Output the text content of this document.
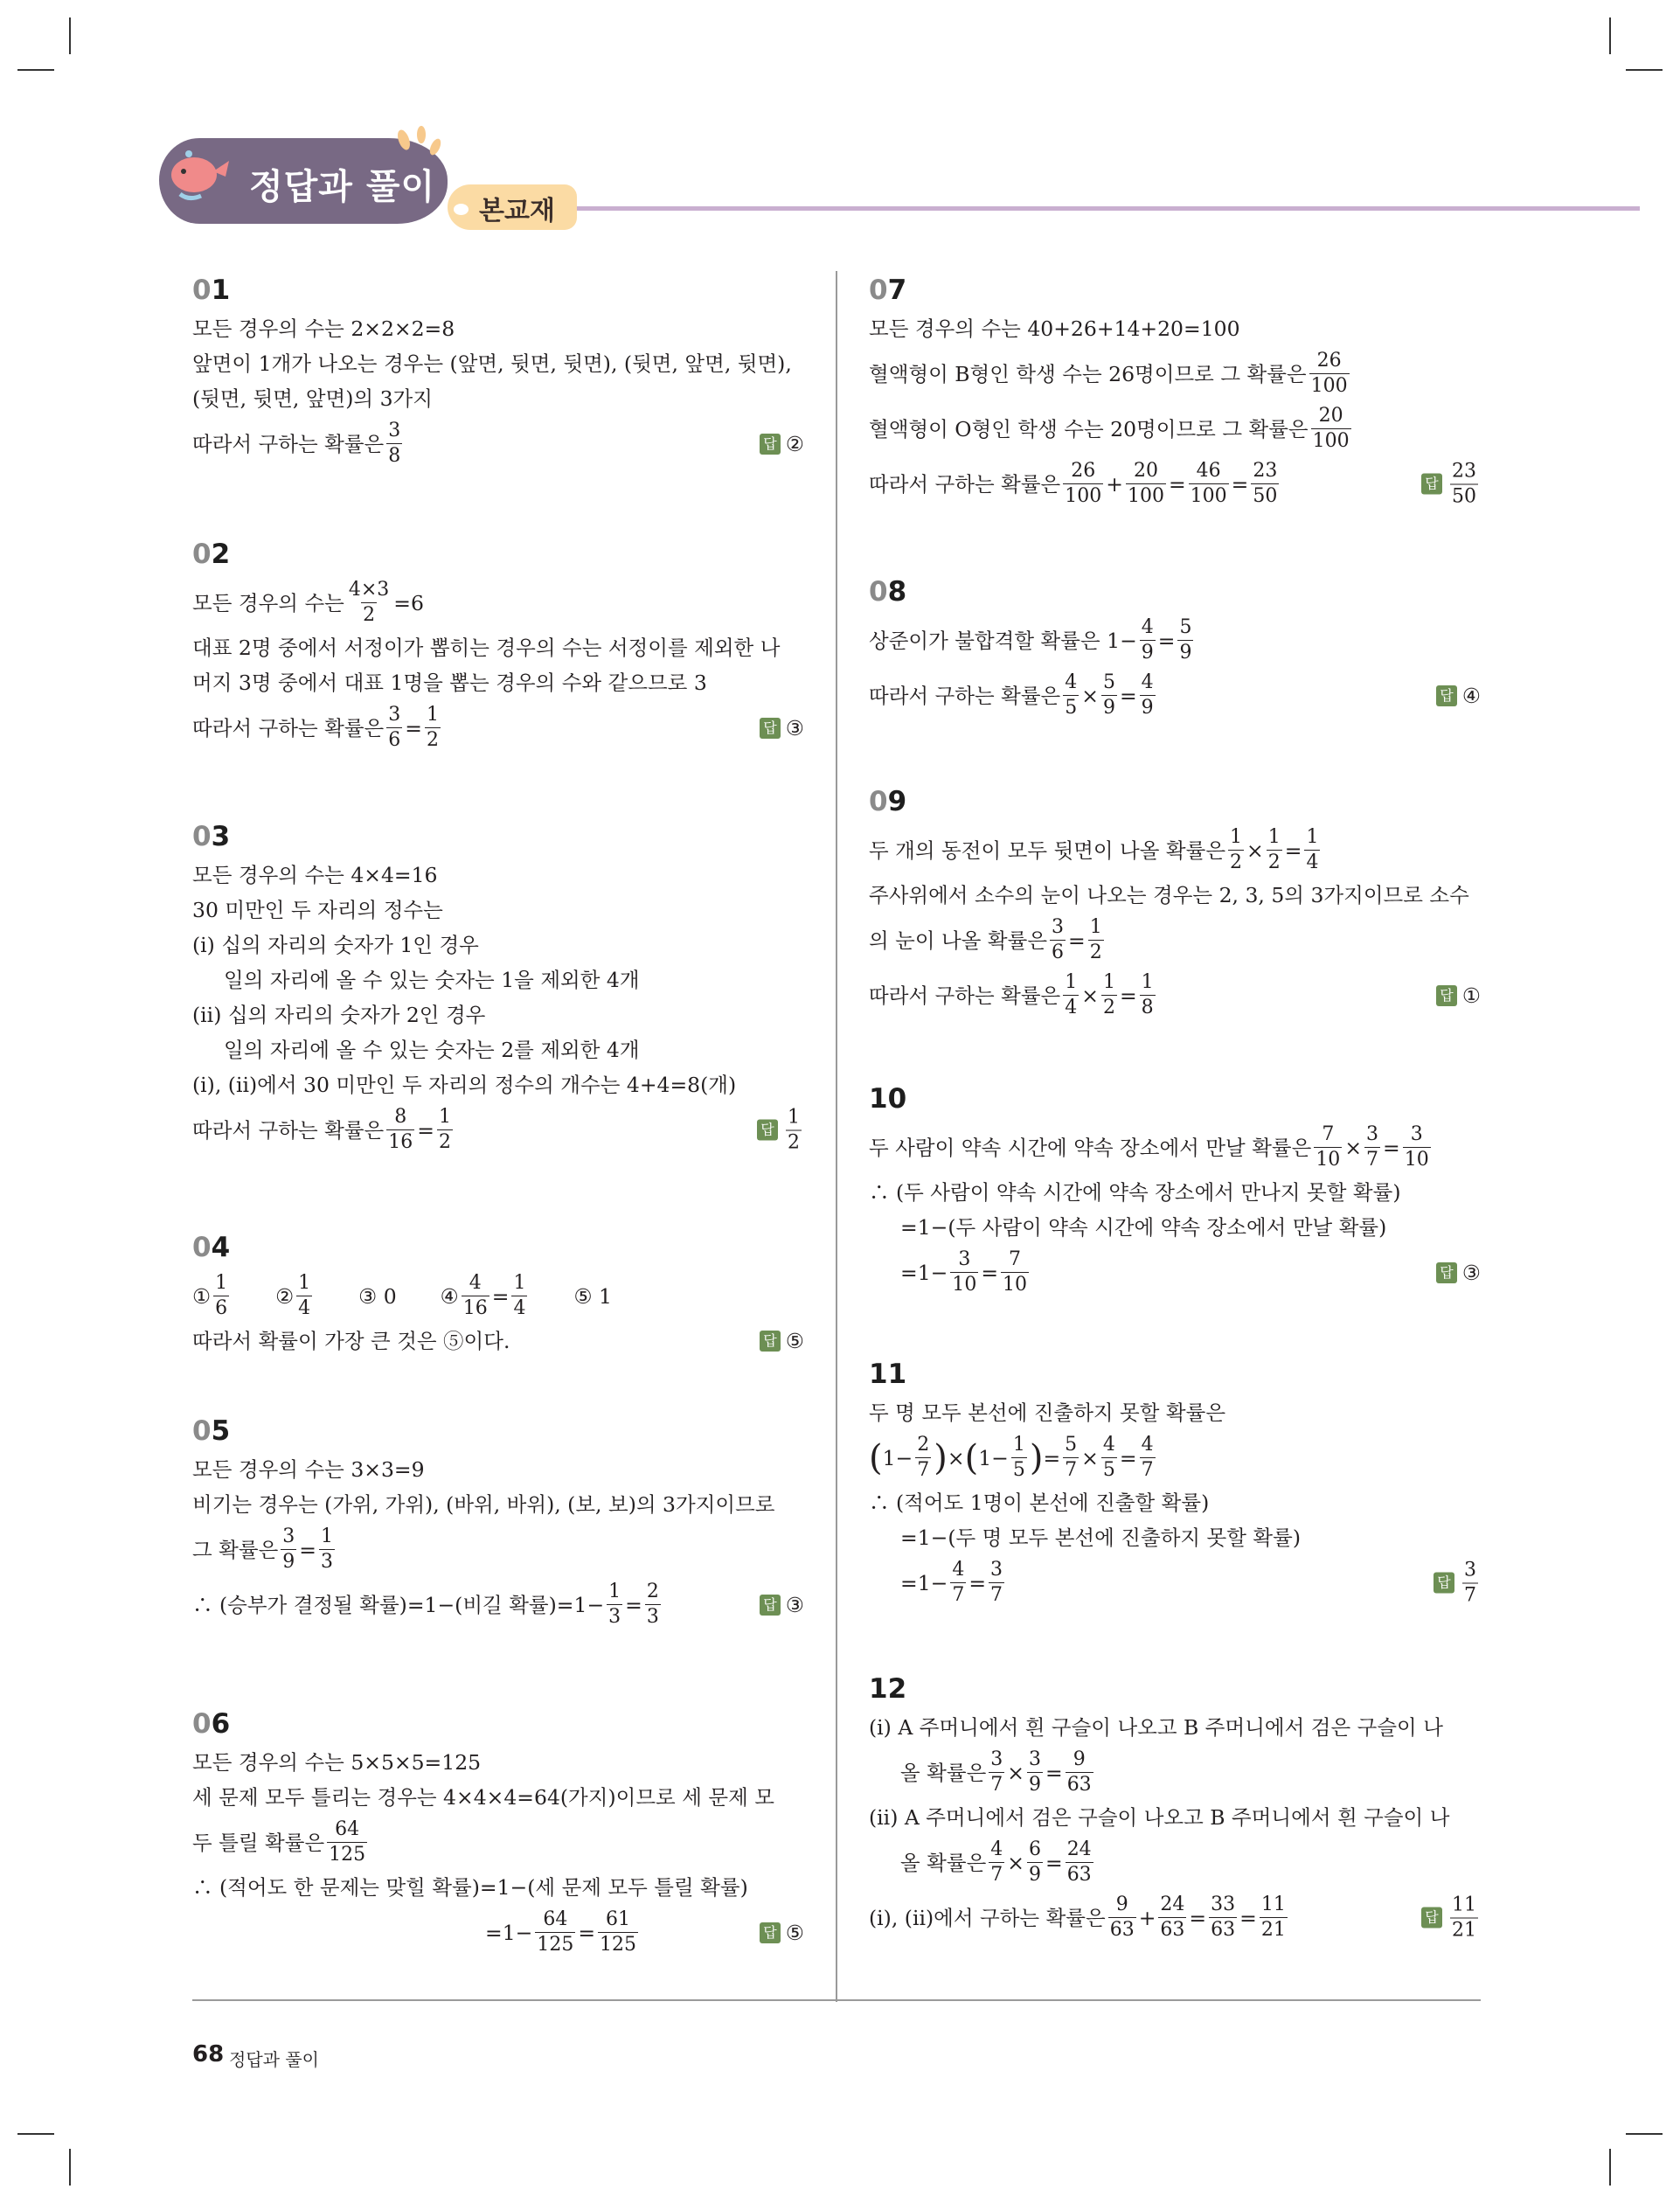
정답과 풀이
본교재
01
모든 경우의 수는 2×2×2=8
앞면이 1개가 나오는 경우는 (앞면, 뒷면, 뒷면), (뒷면, 앞면, 뒷면),
(뒷면, 뒷면, 앞면)의 3가지
따라서 구하는 확률은
3
8
답 ②
02
모든 경우의 수는 $\frac{4\times 3}{2} =6$
대표 2명 중에서 서정이가 뽑히는 경우의 수는 서정이를 제외한 나
머지 3명 중에서 대표 1명을 뽑는 경우의 수와 같으므로 3
따라서 구하는 확률은
3
6 =
1
2
답 ③
03
모든 경우의 수는 4×4=16
30 미만인 두 자리의 정수는
(ⅰ) 십의 자리의 숫자가 1인 경우
일의 자리에 올 수 있는 숫자는 1을 제외한 4개
(ⅱ) 십의 자리의 숫자가 2인 경우
일의 자리에 올 수 있는 숫자는 2를 제외한 4개
(ⅰ), (ⅱ)에서 30 미만인 두 자리의 정수의 개수는 4+4=8(개)
따라서 구하는 확률은
8
16 =
1
2
답
1
2
04
①
1
6 ②
1
4 ③ 0 ④
4
16 =
1
4 ⑤ 1
따라서 확률이 가장 큰 것은 ⑤이다.	답 ⑤
05
모든 경우의 수는 3×3=9
비기는 경우는 (가위, 가위), (바위, 바위), (보, 보)의 3가지이므로
그 확률은
3
9 =
1
3
∴ (승부가 결정될 확률)=1−(비길 확률)$=1- \frac{1}{3}$ =
2
3
답 ③
06
모든 경우의 수는 5×5×5=125
세 문제 모두 틀리는 경우는 4×4×4=64(가지)이므로 세 문제 모
두 틀릴 확률은
64
125
∴ (적어도 한 문제는 맞힐 확률)=1−(세 문제 모두 틀릴 확률)
$=1- \frac{64}{125}$ =
61
125
답 ⑤
07
모든 경우의 수는 40+26+14+20=100
혈액형이 B형인 학생 수는 26명이므로 그 확률은
26
100
혈액형이 O형인 학생 수는 20명이므로 그 확률은
20
100
따라서 구하는 확률은
26
100 +
20
100 =
46
100 =
23
50
답
23
50
08
상준이가 불합격할 확률은 $1- \frac{4}{9}$ =
5
9
따라서 구하는 확률은
4
5 ×
5
9 =
4
9
답 ④
09
두 개의 동전이 모두 뒷면이 나올 확률은
1
2 ×
1
2 =
1
4
주사위에서 소수의 눈이 나오는 경우는 2, 3, 5의 3가지이므로 소수
의 눈이 나올 확률은
3
6 =
1
2
따라서 구하는 확률은
1
4 ×
1
2 =
1
8
답 ①
10
두 사람이 약속 시간에 약속 장소에서 만날 확률은
7
10 ×
3
7 =
3
10
∴ (두 사람이 약속 시간에 약속 장소에서 만나지 못할 확률)
=1−(두 사람이 약속 시간에 약속 장소에서 만날 확률)
$=1- \frac{3}{10}$ =
7
10
답 ③
11
두 명 모두 본선에 진출하지 못할 확률은
( 1−
2
7 ) × ( 1−
1
5 ) =
5
7 ×
4
5 =
4
7
∴ (적어도 1명이 본선에 진출할 확률)
=1−(두 명 모두 본선에 진출하지 못할 확률)
$=1- \frac{4}{7}$ =
3
7
답
3
7
12
(ⅰ) A 주머니에서 흰 구슬이 나오고 B 주머니에서 검은 구슬이 나
올 확률은
3
7 ×
3
9 =
9
63
(ⅱ) A 주머니에서 검은 구슬이 나오고 B 주머니에서 흰 구슬이 나
올 확률은
4
7 ×
6
9 =
24
63
(ⅰ), (ⅱ)에서 구하는 확률은
9
63 +
24
63 =
33
63 =
11
21
답
11
21
68 정답과 풀이
